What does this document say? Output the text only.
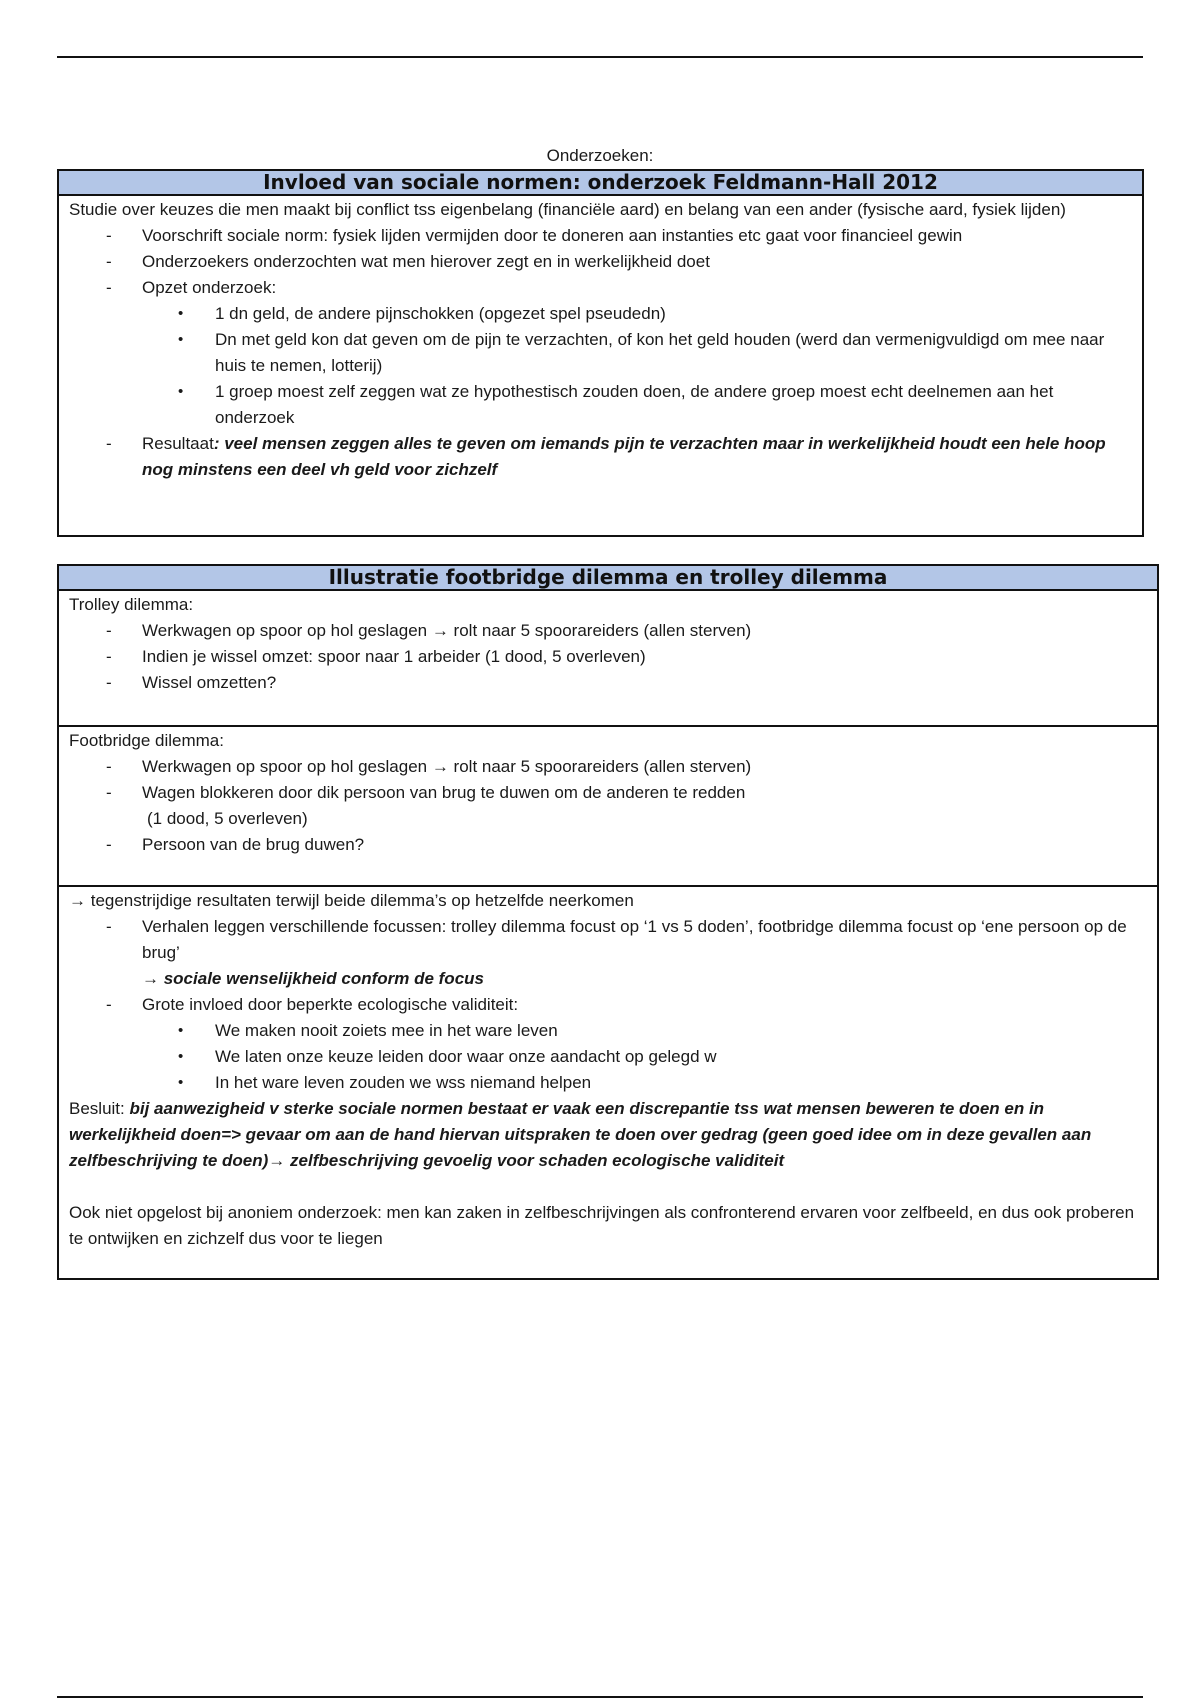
Onderzoeken:
Invloed van sociale normen: onderzoek Feldmann-Hall 2012

Studie over keuzes die men maakt bij conflict tss eigenbelang (financiële aard) en belang van een ander (fysische aard, fysiek lijden)

- Voorschrift sociale norm: fysiek lijden vermijden door te doneren aan instanties etc gaat voor financieel gewin
- Onderzoekers onderzochten wat men hierover zegt en in werkelijkheid doet
- Opzet onderzoek:
• 1 dn geld, de andere pijnschokken (opgezet spel pseudedn)
• Dn met geld kon dat geven om de pijn te verzachten, of kon het geld houden (werd dan vermenigvuldigd om mee naar huis te nemen, lotterij)
• 1 groep moest zelf zeggen wat ze hypothestisch zouden doen, de andere groep moest echt deelnemen aan het onderzoek
- Resultaat: veel mensen zeggen alles te geven om iemands pijn te verzachten maar in werkelijkheid houdt een hele hoop nog minstens een deel vh geld voor zichzelf
Illustratie footbridge dilemma en trolley dilemma

Trolley dilemma:

- Werkwagen op spoor op hol geslagen → rolt naar 5 spoorareiders (allen sterven)
- Indien je wissel omzet: spoor naar 1 arbeider (1 dood, 5 overleven)
- Wissel omzetten?

Footbridge dilemma:

- Werkwagen op spoor op hol geslagen → rolt naar 5 spoorareiders (allen sterven)
- Wagen blokkeren door dik persoon van brug te duwen om de anderen te redden
(1 dood, 5 overleven)
- Persoon van de brug duwen?

→ tegenstrijdige resultaten terwijl beide dilemma’s op hetzelfde neerkomen

- Verhalen leggen verschillende focussen: trolley dilemma focust op ‘1 vs 5 doden’, footbridge dilemma focust op ‘ene persoon op de brug’
→ sociale wenselijkheid conform de focus
- Grote invloed door beperkte ecologische validiteit:
• We maken nooit zoiets mee in het ware leven
• We laten onze keuze leiden door waar onze aandacht op gelegd w
• In het ware leven zouden we wss niemand helpen

Besluit: bij aanwezigheid v sterke sociale normen bestaat er vaak een discrepantie tss wat mensen beweren te doen en in werkelijkheid doen=> gevaar om aan de hand hiervan uitspraken te doen over gedrag (geen goed idee om in deze gevallen aan zelfbeschrijving te doen)→ zelfbeschrijving gevoelig voor schaden ecologische validiteit

Ook niet opgelost bij anoniem onderzoek: men kan zaken in zelfbeschrijvingen als confronterend ervaren voor zelfbeeld, en dus ook proberen te ontwijken en zichzelf dus voor te liegen
